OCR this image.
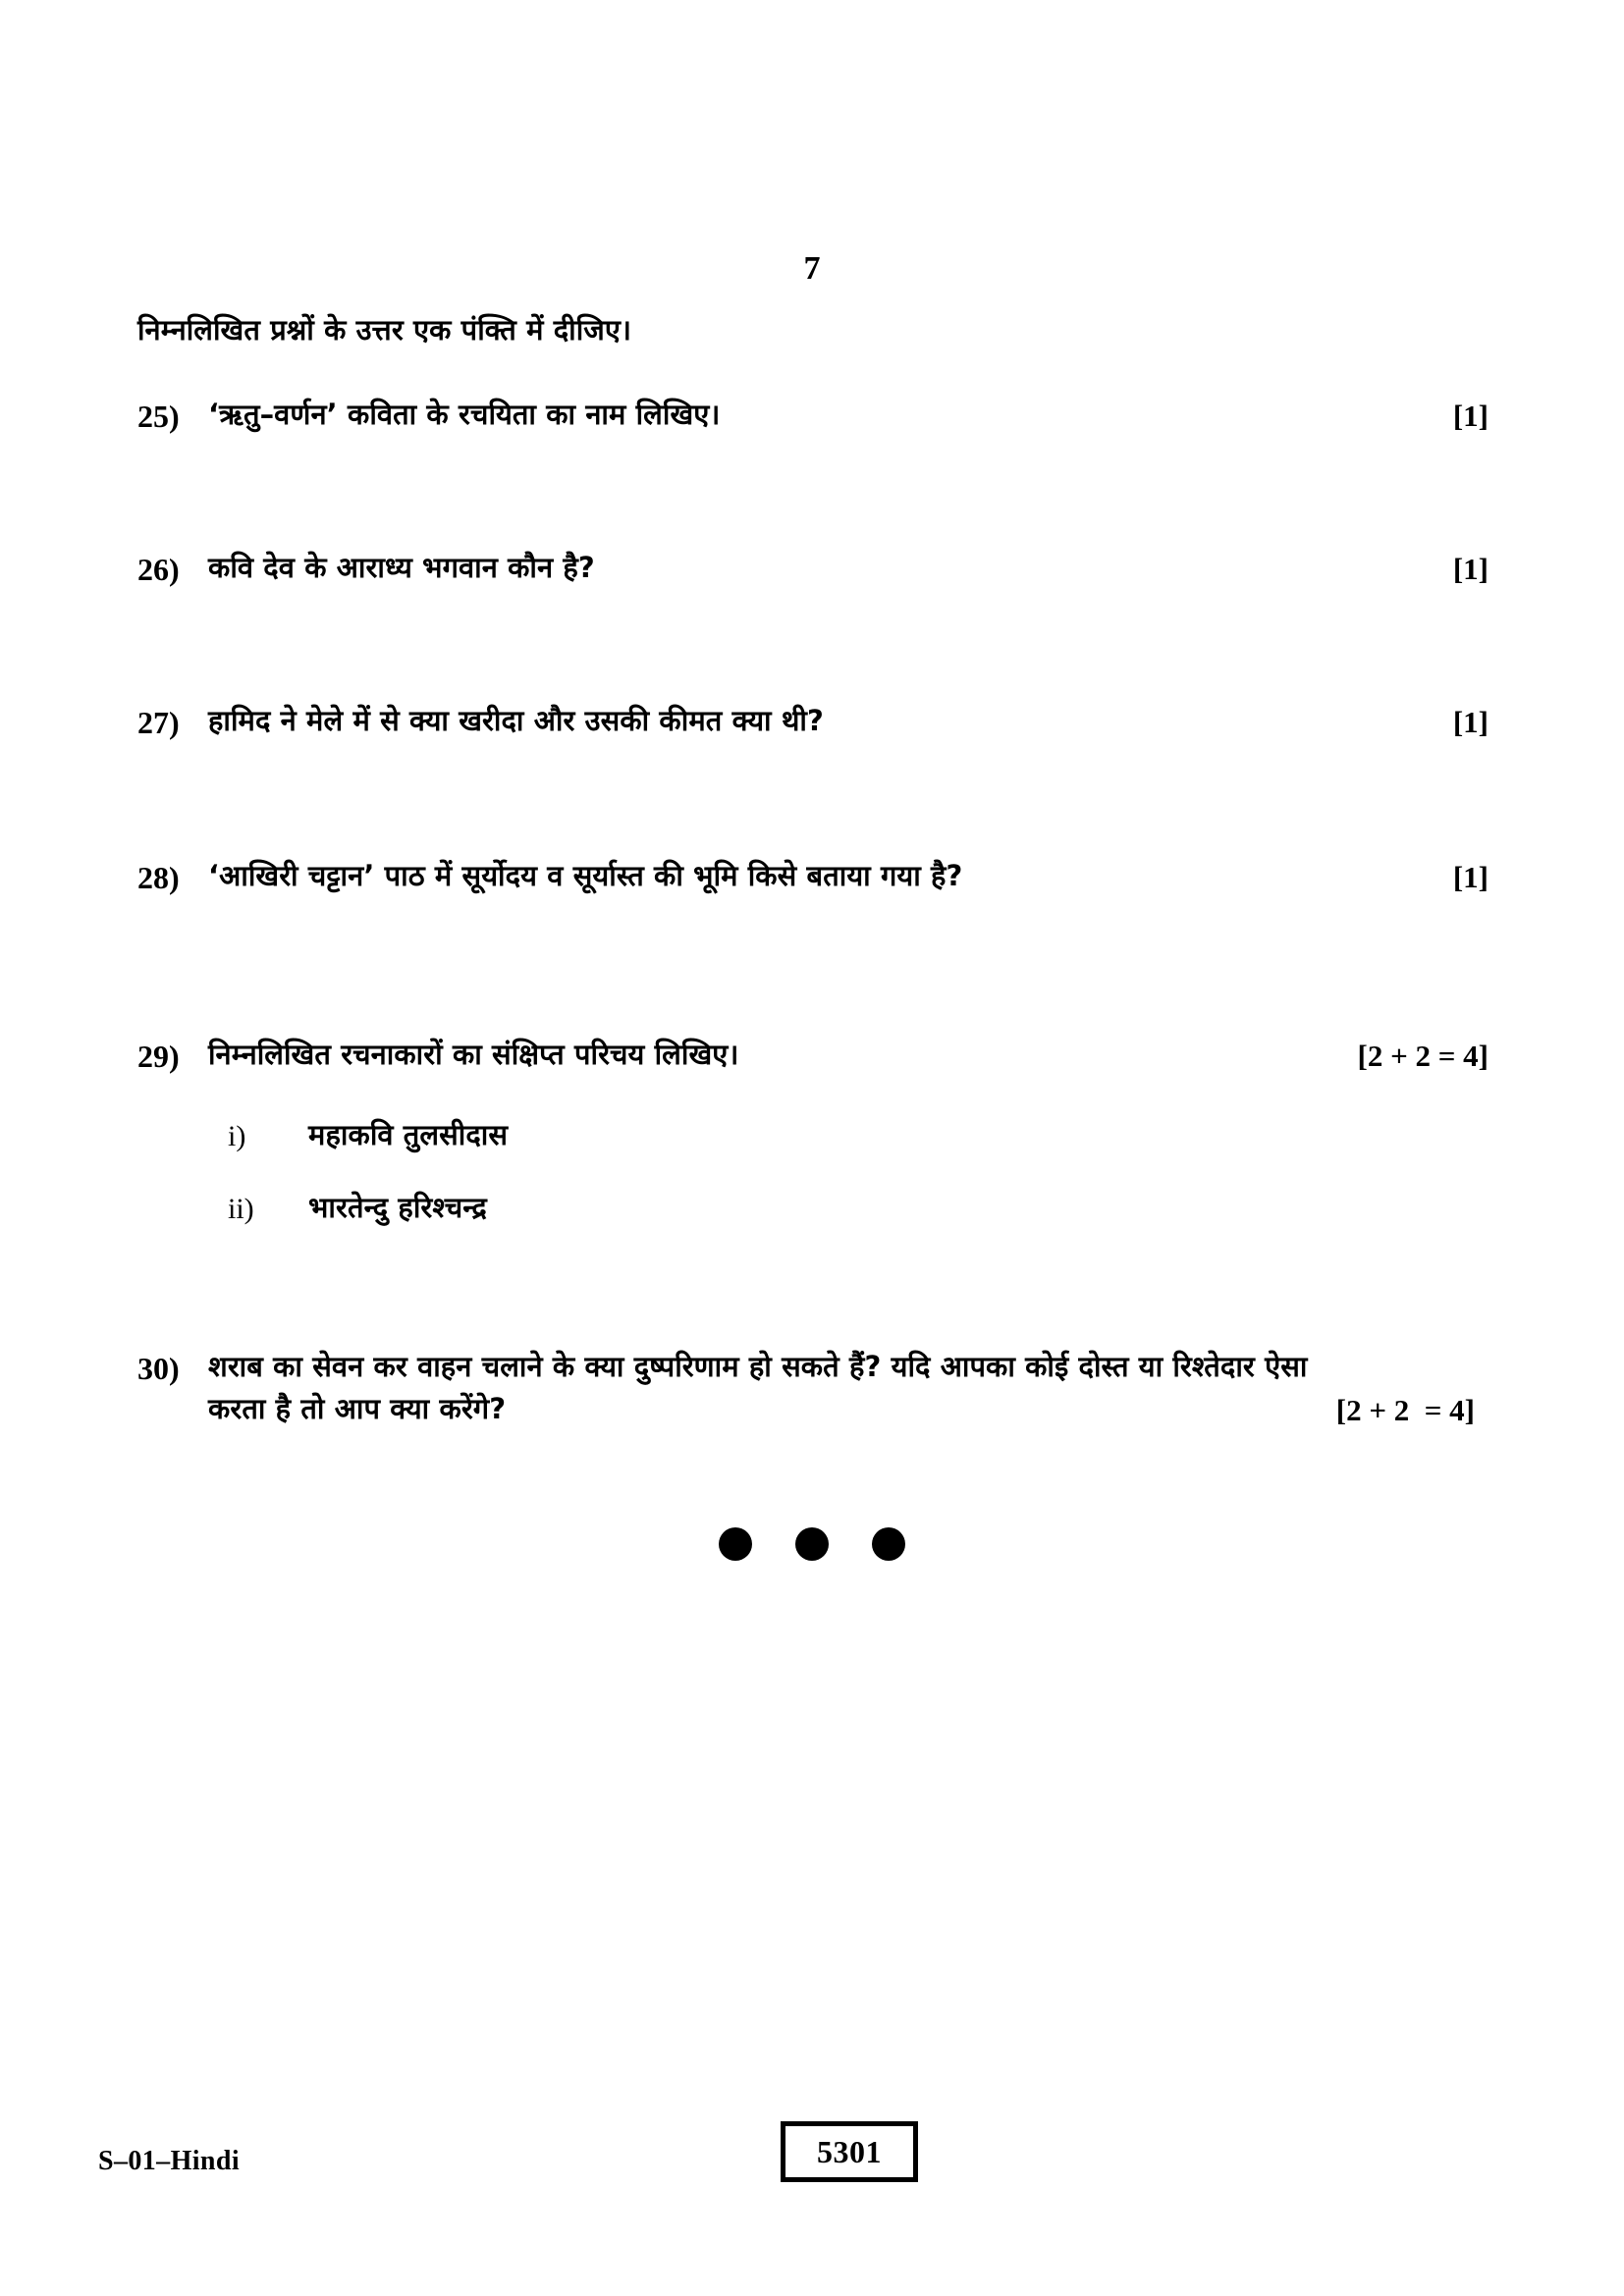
7
निम्नलिखित प्रश्नों के उत्तर एक पंक्ति में दीजिए।
25)	‘ऋतु–वर्णन’ कविता के रचयिता का नाम लिखिए।	[1]
26)	कवि देव के आराध्य भगवान कौन है?	[1]
27)	हामिद ने मेले में से क्या खरीदा और उसकी कीमत क्या थी?	[1]
28)	‘आखिरी चट्टान’ पाठ में सूर्योदय व सूर्यास्त की भूमि किसे बताया गया है?	[1]
29)	निम्नलिखित रचनाकारों का संक्षिप्त परिचय लिखिए।	[2 + 2 = 4]
i)	महाकवि तुलसीदास
ii)	भारतेन्दु हरिश्चन्द्र
30)	शराब का सेवन कर वाहन चलाने के क्या दुष्परिणाम हो सकते हैं? यदि आपका कोई दोस्त या रिश्तेदार ऐसा
करता है तो आप क्या करेंगे?	[2 + 2  = 4]
S–01–Hindi	5301
